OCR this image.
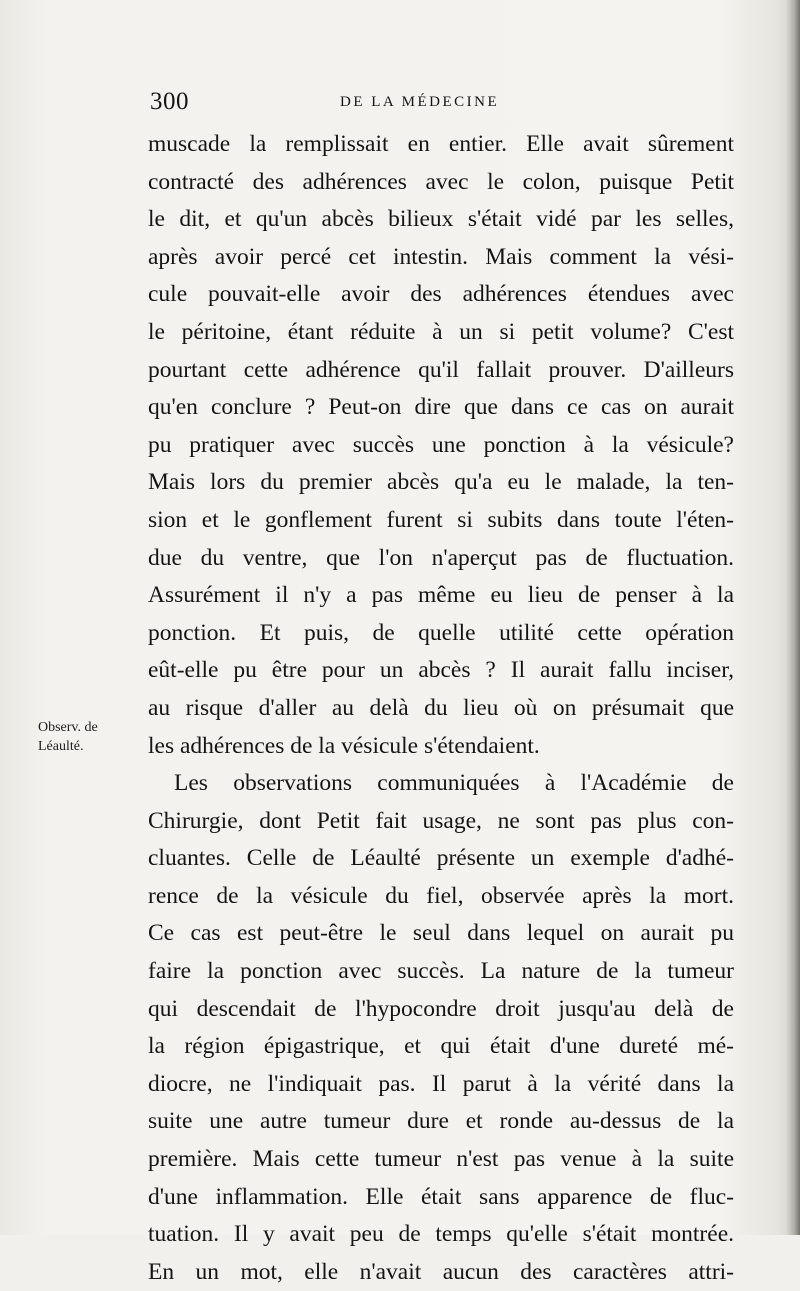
300	DE LA MÉDECINE
Observ. de
Léaulté.
muscade la remplissait en entier. Elle avait sûrement
contracté des adhérences avec le colon, puisque Petit
le dit, et qu'un abcès bilieux s'était vidé par les selles,
après avoir percé cet intestin. Mais comment la vési-
cule pouvait-elle avoir des adhérences étendues avec
le péritoine, étant réduite à un si petit volume? C'est
pourtant cette adhérence qu'il fallait prouver. D'ailleurs
qu'en conclure ? Peut-on dire que dans ce cas on aurait
pu pratiquer avec succès une ponction à la vésicule?
Mais lors du premier abcès qu'a eu le malade, la ten-
sion et le gonflement furent si subits dans toute l'éten-
due du ventre, que l'on n'aperçut pas de fluctuation.
Assurément il n'y a pas même eu lieu de penser à la
ponction. Et puis, de quelle utilité cette opération
eût-elle pu être pour un abcès ? Il aurait fallu inciser,
au risque d'aller au delà du lieu où on présumait que
les adhérences de la vésicule s'étendaient.
Les observations communiquées à l'Académie de
Chirurgie, dont Petit fait usage, ne sont pas plus con-
cluantes. Celle de Léaulté présente un exemple d'adhé-
rence de la vésicule du fiel, observée après la mort.
Ce cas est peut-être le seul dans lequel on aurait pu
faire la ponction avec succès. La nature de la tumeur
qui descendait de l'hypocondre droit jusqu'au delà de
la région épigastrique, et qui était d'une dureté mé-
diocre, ne l'indiquait pas. Il parut à la vérité dans la
suite une autre tumeur dure et ronde au-dessus de la
première. Mais cette tumeur n'est pas venue à la suite
d'une inflammation. Elle était sans apparence de fluc-
tuation. Il y avait peu de temps qu'elle s'était montrée.
En un mot, elle n'avait aucun des caractères attri-
